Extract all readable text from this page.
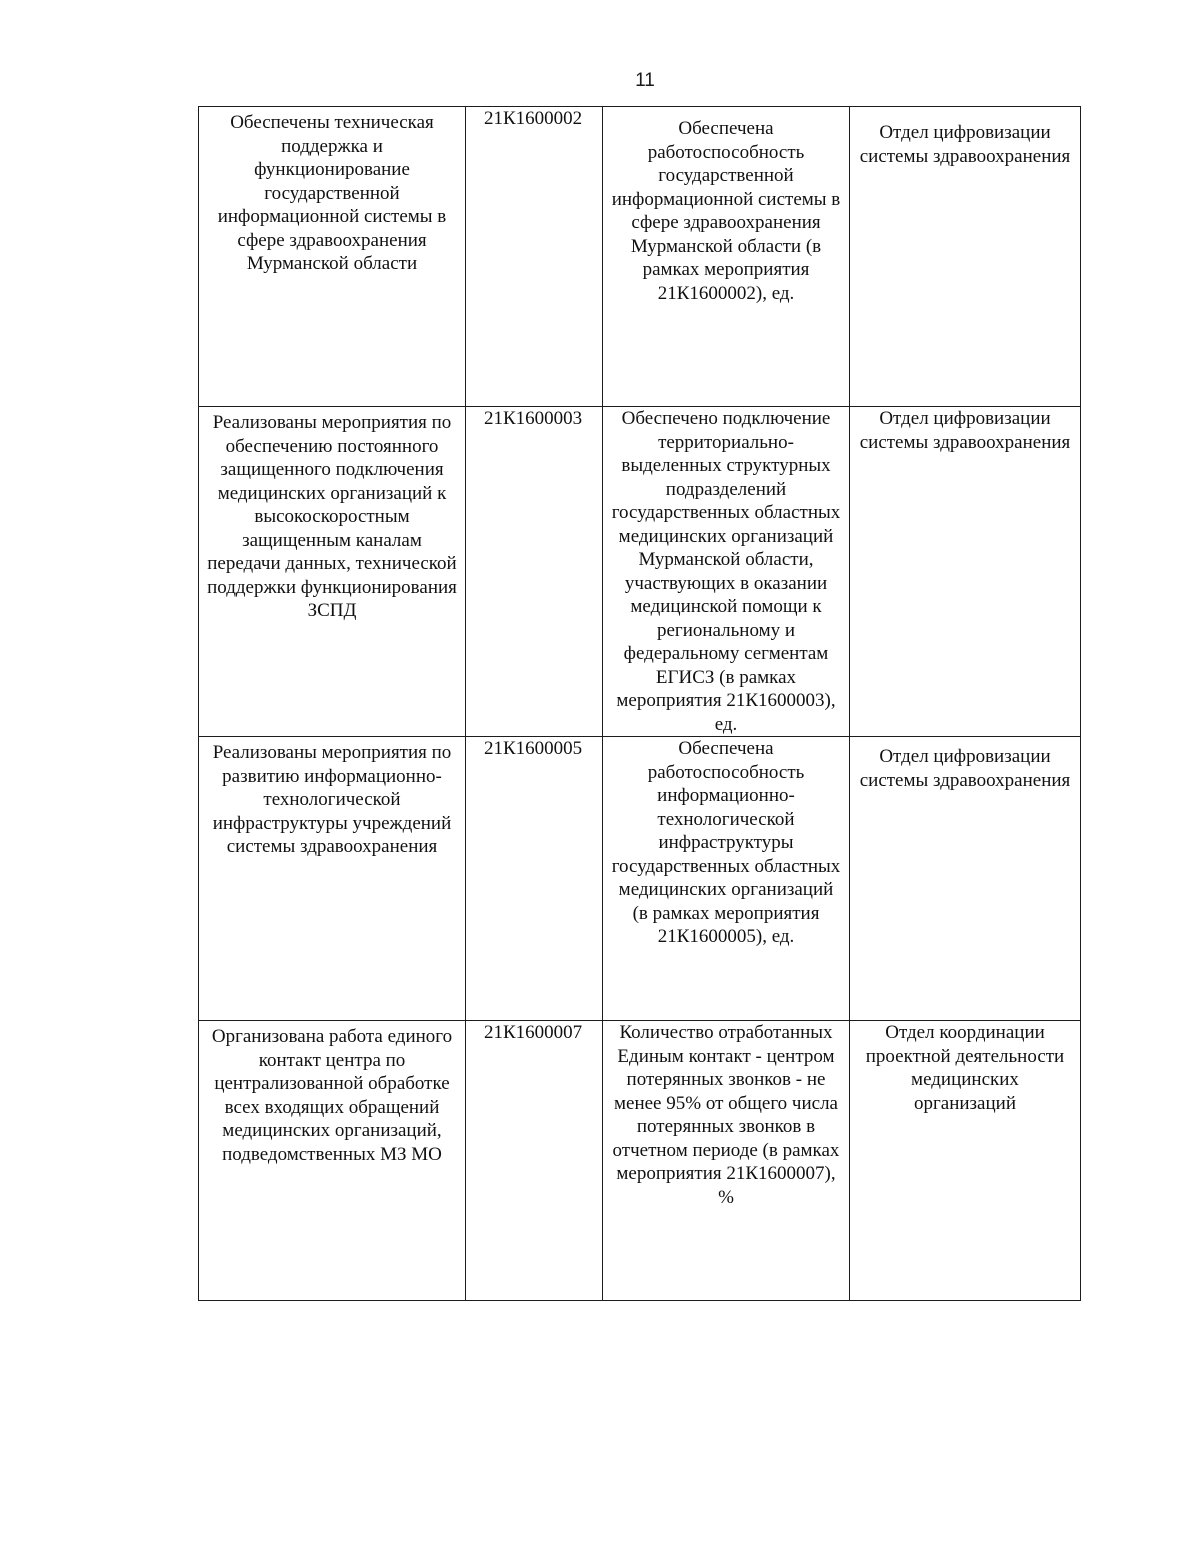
11
Обеспечены техническая поддержка и функционирование государственной информационной системы в сфере здравоохранения Мурманской области	21К1600002	Обеспечена работоспособность государственной информационной системы в сфере здравоохранения Мурманской области (в рамках мероприятия 21К1600002), ед.	Отдел цифровизации системы здравоохранения
Реализованы мероприятия по обеспечению постоянного защищенного подключения медицинских организаций к высокоскоростным защищенным каналам передачи данных, технической поддержки функционирования ЗСПД	21К1600003	Обеспечено подключение территориально-выделенных структурных подразделений государственных областных медицинских организаций Мурманской области, участвующих в оказании медицинской помощи к региональному и федеральному сегментам ЕГИСЗ (в рамках мероприятия 21К1600003), ед.	Отдел цифровизации системы здравоохранения
Реализованы мероприятия по развитию информационно-технологической инфраструктуры учреждений системы здравоохранения	21К1600005	Обеспечена работоспособность информационно-технологической инфраструктуры государственных областных медицинских организаций (в рамках мероприятия 21К1600005), ед.	Отдел цифровизации системы здравоохранения
Организована работа единого контакт центра по централизованной обработке всех входящих обращений медицинских организаций, подведомственных МЗ МО	21К1600007	Количество отработанных Единым контакт - центром потерянных звонков - не менее 95% от общего числа потерянных звонков в отчетном периоде (в рамках мероприятия 21К1600007), %	Отдел координации проектной деятельности медицинских организаций
